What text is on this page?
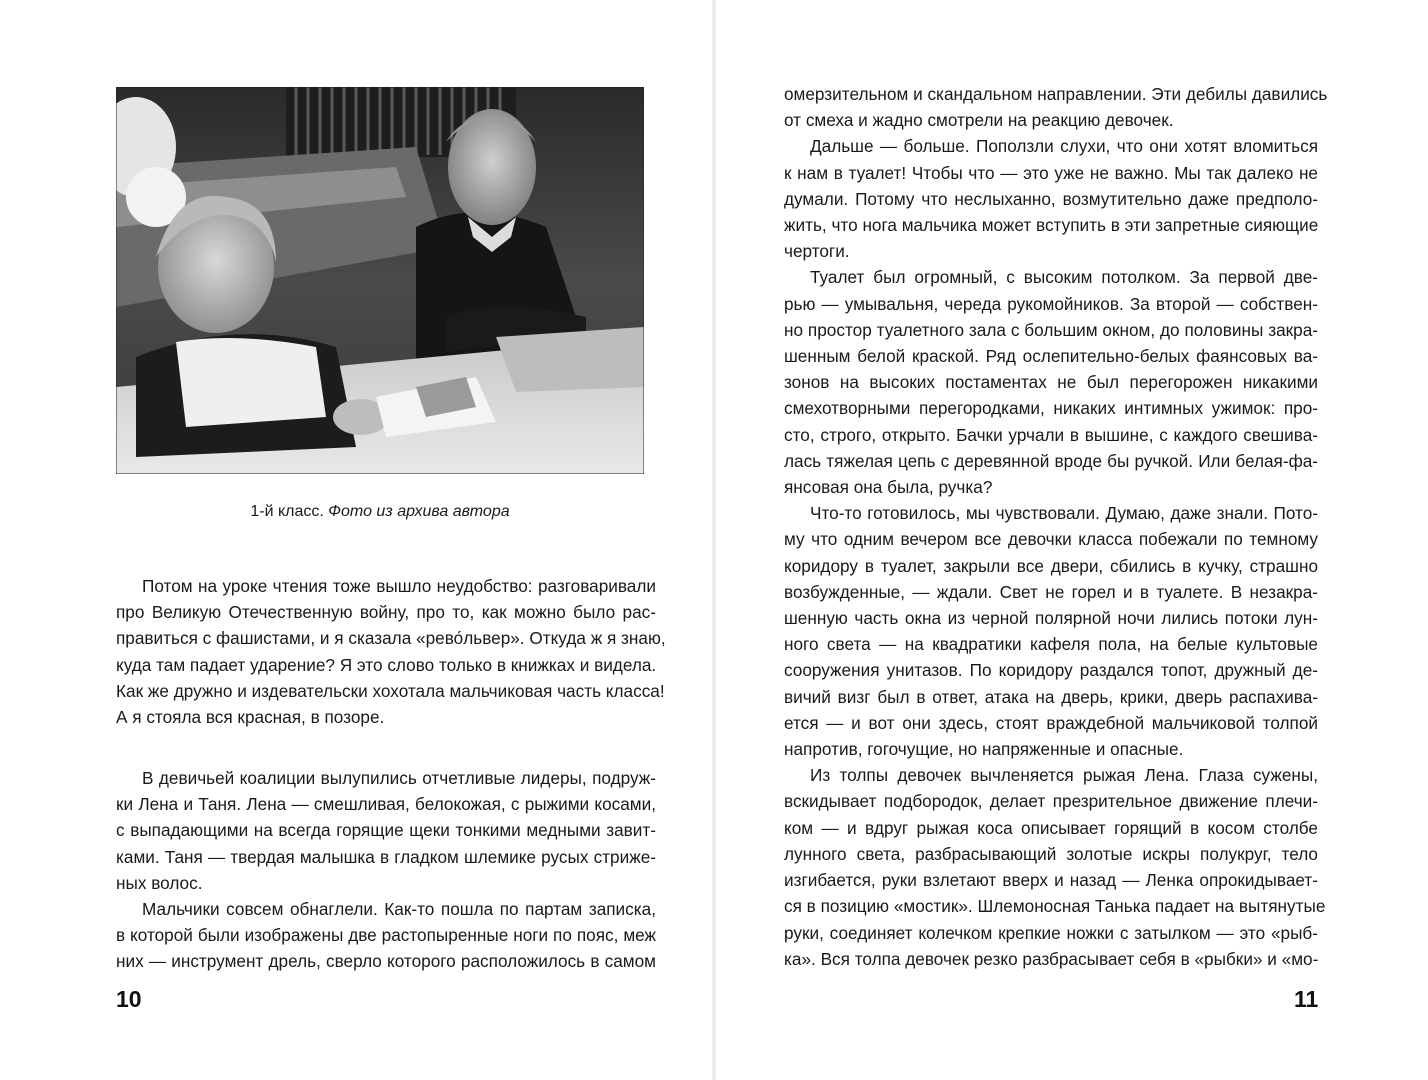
1-й класс. Фото из архива автора
Потом на уроке чтения тоже вышло неудобство: разговаривали
про Великую Отечественную войну, про то, как можно было рас-
правиться с фашистами, и я сказала «рево́львер». Откуда ж я знаю,
куда там падает ударение? Я это слово только в книжках и видела.
Как же дружно и издевательски хохотала мальчиковая часть класса!
А я стояла вся красная, в позоре.
В девичьей коалиции вылупились отчетливые лидеры, подруж-
ки Лена и Таня. Лена — смешливая, белокожая, с рыжими косами,
с выпадающими на всегда горящие щеки тонкими медными завит-
ками. Таня — твердая малышка в гладком шлемике русых стриже-
ных волос.
Мальчики совсем обнаглели. Как-то пошла по партам записка,
в которой были изображены две растопыренные ноги по пояс, меж
них — инструмент дрель, сверло которого расположилось в самом
10
омерзительном и скандальном направлении. Эти дебилы давились
от смеха и жадно смотрели на реакцию девочек.
Дальше — больше. Поползли слухи, что они хотят вломиться
к нам в туалет! Чтобы что — это уже не важно. Мы так далеко не
думали. Потому что неслыханно, возмутительно даже предполо-
жить, что нога мальчика может вступить в эти запретные сияющие
чертоги.
Туалет был огромный, с высоким потолком. За первой две-
рью — умывальня, череда рукомойников. За второй — собствен-
но простор туалетного зала с большим окном, до половины закра-
шенным белой краской. Ряд ослепительно-белых фаянсовых ва-
зонов на высоких постаментах не был перегорожен никакими
смехотворными перегородками, никаких интимных ужимок: про-
сто, строго, открыто. Бачки урчали в вышине, с каждого свешива-
лась тяжелая цепь с деревянной вроде бы ручкой. Или белая-фа-
янсовая она была, ручка?
Что-то готовилось, мы чувствовали. Думаю, даже знали. Пото-
му что одним вечером все девочки класса побежали по темному
коридору в туалет, закрыли все двери, сбились в кучку, страшно
возбужденные, — ждали. Свет не горел и в туалете. В незакра-
шенную часть окна из черной полярной ночи лились потоки лун-
ного света — на квадратики кафеля пола, на белые культовые
сооружения унитазов. По коридору раздался топот, дружный де-
вичий визг был в ответ, атака на дверь, крики, дверь распахива-
ется — и вот они здесь, стоят враждебной мальчиковой толпой
напротив, гогочущие, но напряженные и опасные.
Из толпы девочек вычленяется рыжая Лена. Глаза сужены,
вскидывает подбородок, делает презрительное движение плечи-
ком — и вдруг рыжая коса описывает горящий в косом столбе
лунного света, разбрасывающий золотые искры полукруг, тело
изгибается, руки взлетают вверх и назад — Ленка опрокидывает-
ся в позицию «мостик». Шлемоносная Танька падает на вытянутые
руки, соединяет колечком крепкие ножки с затылком — это «рыб-
ка». Вся толпа девочек резко разбрасывает себя в «рыбки» и «мо-
11
